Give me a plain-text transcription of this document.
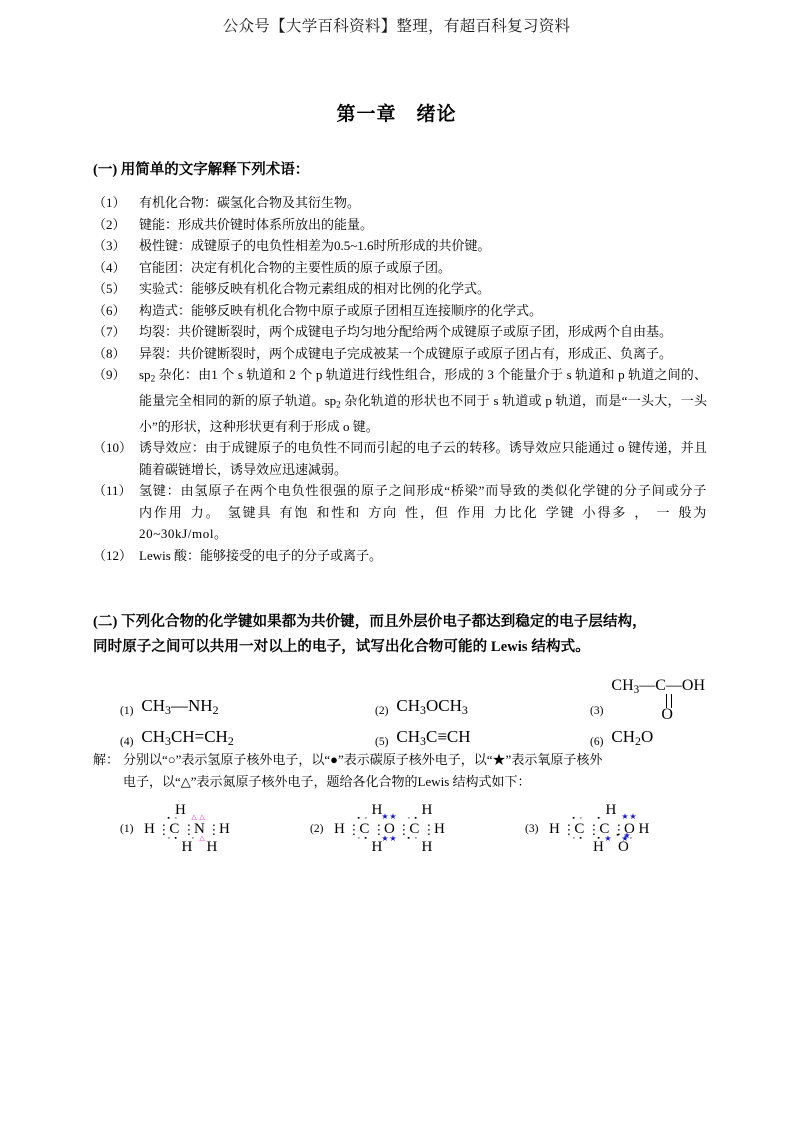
公众号【大学百科资料】整理，有超百科复习资料
第一章　绪论
(一) 用简单的文字解释下列术语：
（1）	有机化合物：碳氢化合物及其衍生物。
（2）	键能：形成共价键时体系所放出的能量。
（3）	极性键：成键原子的电负性相差为0.5~1.6时所形成的共价键。
（4）	官能团：决定有机化合物的主要性质的原子或原子团。
（5）	实验式：能够反映有机化合物元素组成的相对比例的化学式。
（6）	构造式：能够反映有机化合物中原子或原子团相互连接顺序的化学式。
（7）	均裂：共价键断裂时，两个成键电子均匀地分配给两个成键原子或原子团，形成两个自由基。
（8）	异裂：共价键断裂时，两个成键电子完成被某一个成键原子或原子团占有，形成正、负离子。
（9）	$sp_2$ 杂化：由1 个 s 轨道和 2 个 p 轨道进行线性组合，形成的 3 个能量介于 s 轨道和 p 轨道之间的、能量完全相同的新的原子轨道。$sp_2$ 杂化轨道的形状也不同于 s 轨道或 p 轨道，而是“一头大，一头小”的形状，这种形状更有利于形成 o 键。
（10） 诱导效应：由于成键原子的电负性不同而引起的电子云的转移。诱导效应只能通过 o 键传递，并且随着碳链增长，诱导效应迅速减弱。
（11） 氢键：由氢原子在两个电负性很强的原子之间形成“桥梁”而导致的类似化学键的分子间或分子 内作用 力。 氢键具 有饱 和性和 方向 性，但 作用 力比化 学键 小得多 ， 一 般为20~30kJ/mol。
（12） Lewis 酸：能够接受的电子的分子或离子。
(二) 下列化合物的化学键如果都为共价键，而且外层价电子都达到稳定的电子层结构，
同时原子之间可以共用一对以上的电子，试写出化合物可能的 Lewis 结构式。
(1) $CH_3—NH_2$	(2) $CH_3OCH_3$	(3)
$CH_3—C—OH$
O
(4) $CH_3CH=CH_2$	(5) $CH_3C\equiv CH$	(6) $CH_2O$
解： 分别以“○”表示氢原子核外电子，以“●”表示碳原子核外电子，以“★”表示氧原子核外
电子，以“△”表示氮原子核外电子，题给各化合物的Lewis 结构式如下：
(1)
H
H ⋮
C
▪
◦
◦
▪ ⋮
N
△
△
◦
△ ⋮
H
H H
(2)
H	H
H ⋮
C
▪
◦
◦
▪ ⋮
O
★
★
★
★ ⋮
C
◦
▪
▪
◦ ⋮
H
H	H
(3)
H
H ⋮
C
▪
◦
◦
▪ ⋮
C
▪
★
▪ ⋮
O
★
★
★
◦ H
H O
▪
★
